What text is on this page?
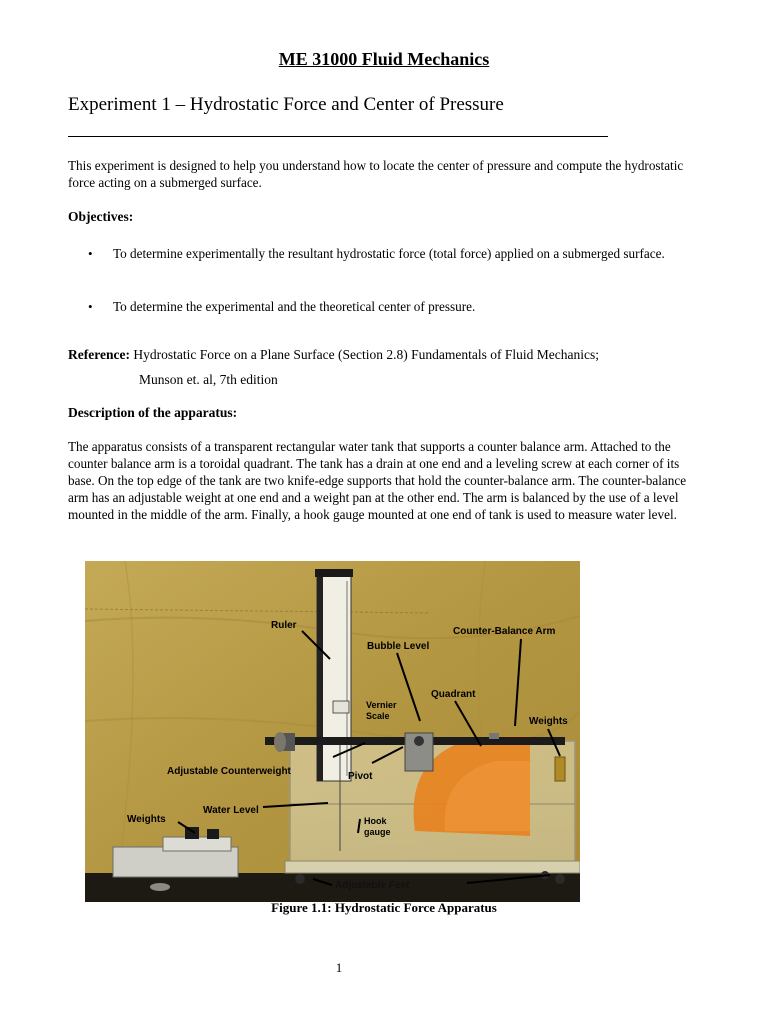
ME 31000 Fluid Mechanics
Experiment 1 – Hydrostatic Force and Center of Pressure
This experiment is designed to help you understand how to locate the center of pressure and compute the hydrostatic force acting on a submerged surface.
Objectives:
• To determine experimentally the resultant hydrostatic force (total force) applied on a submerged surface.
• To determine the experimental and the theoretical center of pressure.
Reference: Hydrostatic Force on a Plane Surface (Section 2.8) Fundamentals of Fluid Mechanics;
Munson et. al, 7th edition
Description of the apparatus:
The apparatus consists of a transparent rectangular water tank that supports a counter balance arm. Attached to the counter balance arm is a toroidal quadrant. The tank has a drain at one end and a leveling screw at each corner of its base. On the top edge of the tank are two knife-edge supports that hold the counter-balance arm. The counter-balance arm has an adjustable weight at one end and a weight pan at the other end. The arm is balanced by the use of a level mounted in the middle of the arm. Finally, a hook gauge mounted at one end of tank is used to measure water level.
Ruler
Counter-Balance Arm
Bubble Level
Quadrant
Vernier
Scale	Weights
Adjustable Counterweight	Pivot
Water Level
Weights	Hook
gauge
Adjustable Feet
Figure 1.1: Hydrostatic Force Apparatus
1
